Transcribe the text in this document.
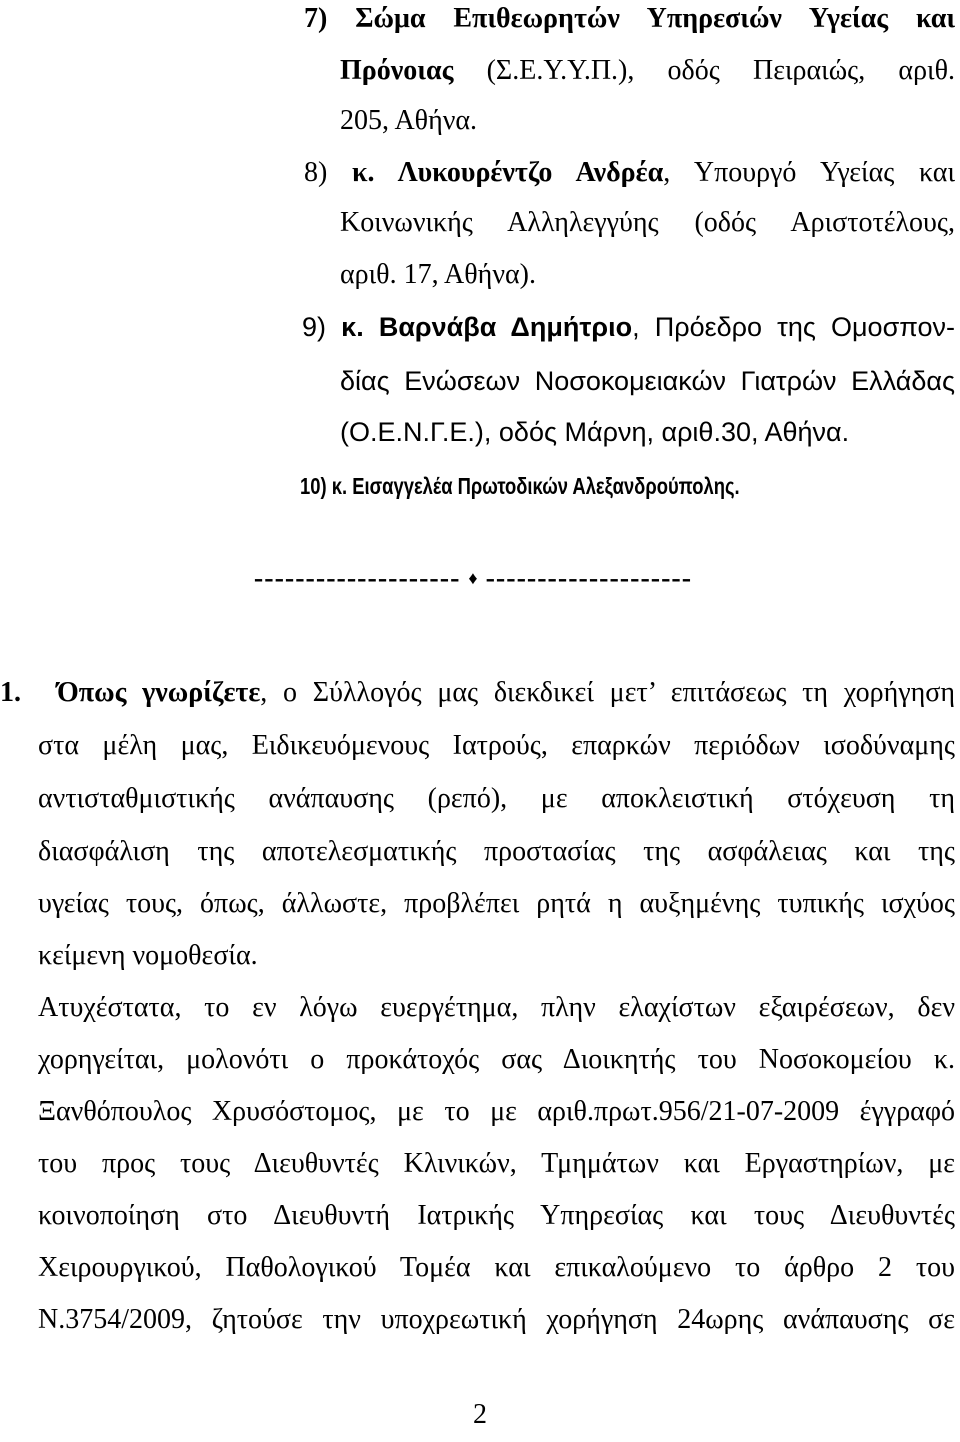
7) Σώμα Επιθεωρητών Υπηρεσιών Υγείας και
Πρόνοιας (Σ.Ε.Υ.Υ.Π.), οδός Πειραιώς, αριθ.
205, Αθήνα.
8) κ. Λυκουρέντζο Ανδρέα, Υπουργό Υγείας και
Κοινωνικής Αλληλεγγύης (οδός Αριστοτέλους,
αριθ. 17, Αθήνα).
9) κ. Βαρνάβα Δημήτριο, Πρόεδρο της Ομοσπον-
δίας Ενώσεων Νοσοκομειακών Γιατρών Ελλάδας
(Ο.Ε.Ν.Γ.Ε.), οδός Μάρνη, αριθ.30, Αθήνα.
10) κ. Εισαγγελέα Πρωτοδικών Αλεξανδρούπολης.
-------------------- ♦ --------------------
1. Όπως γνωρίζετε, ο Σύλλογός μας διεκδικεί μετ’ επιτάσεως τη χορήγηση
στα μέλη μας, Ειδικευόμενους Ιατρούς, επαρκών περιόδων ισοδύναμης
αντισταθμιστικής ανάπαυσης (ρεπό), με αποκλειστική στόχευση τη
διασφάλιση της αποτελεσματικής προστασίας της ασφάλειας και της
υγείας τους, όπως, άλλωστε, προβλέπει ρητά η αυξημένης τυπικής ισχύος
κείμενη νομοθεσία.
Ατυχέστατα, το εν λόγω ευεργέτημα, πλην ελαχίστων εξαιρέσεων, δεν
χορηγείται, μολονότι ο προκάτοχός σας Διοικητής του Νοσοκομείου κ.
Ξανθόπουλος Χρυσόστομος, με το με αριθ.πρωτ.956/21-07-2009 έγγραφό
του προς τους Διευθυντές Κλινικών, Τμημάτων και Εργαστηρίων, με
κοινοποίηση στο Διευθυντή Ιατρικής Υπηρεσίας και τους Διευθυντές
Χειρουργικού, Παθολογικού Τομέα και επικαλούμενο το άρθρο 2 του
Ν.3754/2009, ζητούσε την υποχρεωτική χορήγηση 24ωρης ανάπαυσης σε
2
